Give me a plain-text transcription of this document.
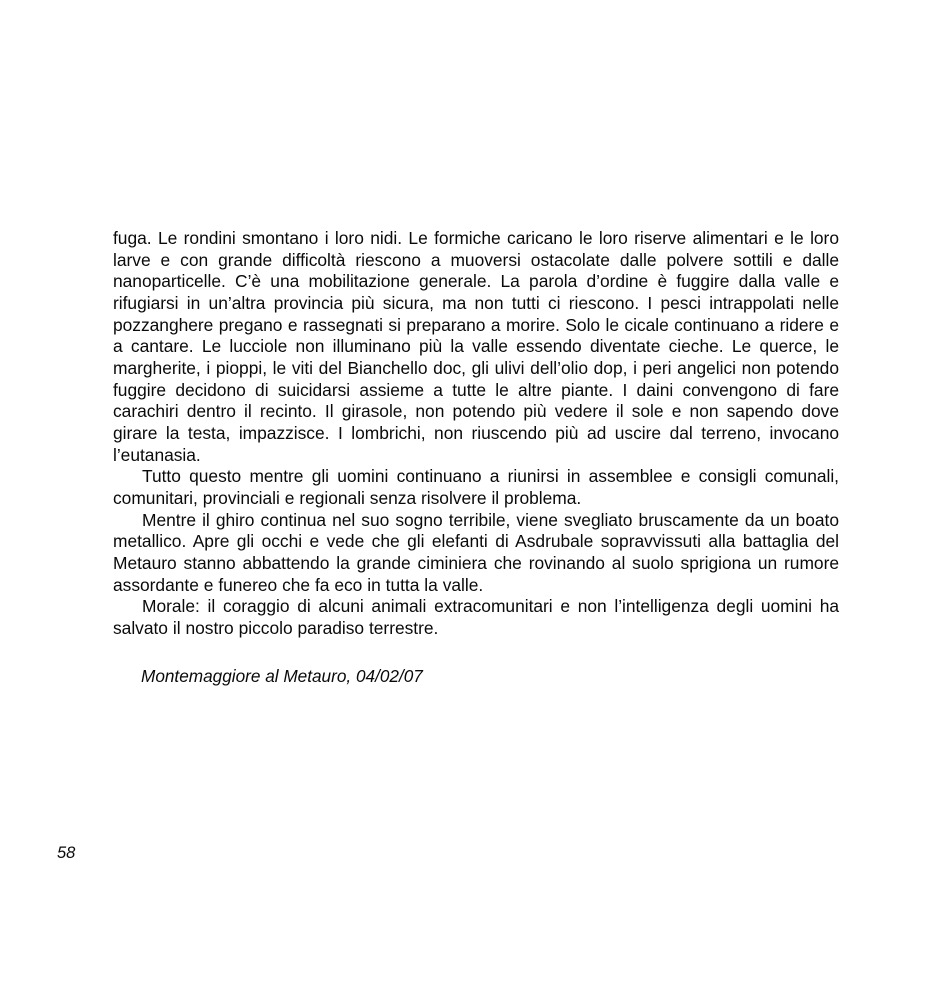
fuga. Le rondini smontano i loro nidi. Le formiche caricano le loro riserve alimentari e le loro larve e con grande difficoltà riescono a muoversi ostacolate dalle polvere sottili e dalle nanoparticelle. C’è una mobilitazione generale. La parola d’ordine è fuggire dalla valle e rifugiarsi in un’altra provincia più sicura, ma non tutti ci riescono. I pesci intrappolati nelle pozzanghere pregano e rassegnati si preparano a morire. Solo le cicale continuano a ridere e a cantare. Le lucciole non illuminano più la valle essendo diventate cieche. Le querce, le margherite, i pioppi, le viti del Bianchello doc, gli ulivi dell’olio dop, i peri angelici non potendo fuggire decidono di suicidarsi assieme a tutte le altre piante. I daini convengono di fare carachiri dentro il recinto. Il girasole, non potendo più vedere il sole e non sapendo dove girare la testa, impazzisce. I lombrichi, non riuscendo più ad uscire dal terreno, invocano l’eutanasia.

Tutto questo mentre gli uomini continuano a riunirsi in assemblee e consigli comunali, comunitari, provinciali e regionali senza risolvere il problema.

Mentre il ghiro continua nel suo sogno terribile, viene svegliato bruscamente da un boato metallico. Apre gli occhi e vede che gli elefanti di Asdrubale sopravvissuti alla battaglia del Metauro stanno abbattendo la grande ciminiera che rovinando al suolo sprigiona un rumore assordante e funereo che fa eco in tutta la valle.

Morale: il coraggio di alcuni animali extracomunitari e non l’intelligenza degli uomini ha salvato il nostro piccolo paradiso terrestre.

Montemaggiore al Metauro, 04/02/07
58
